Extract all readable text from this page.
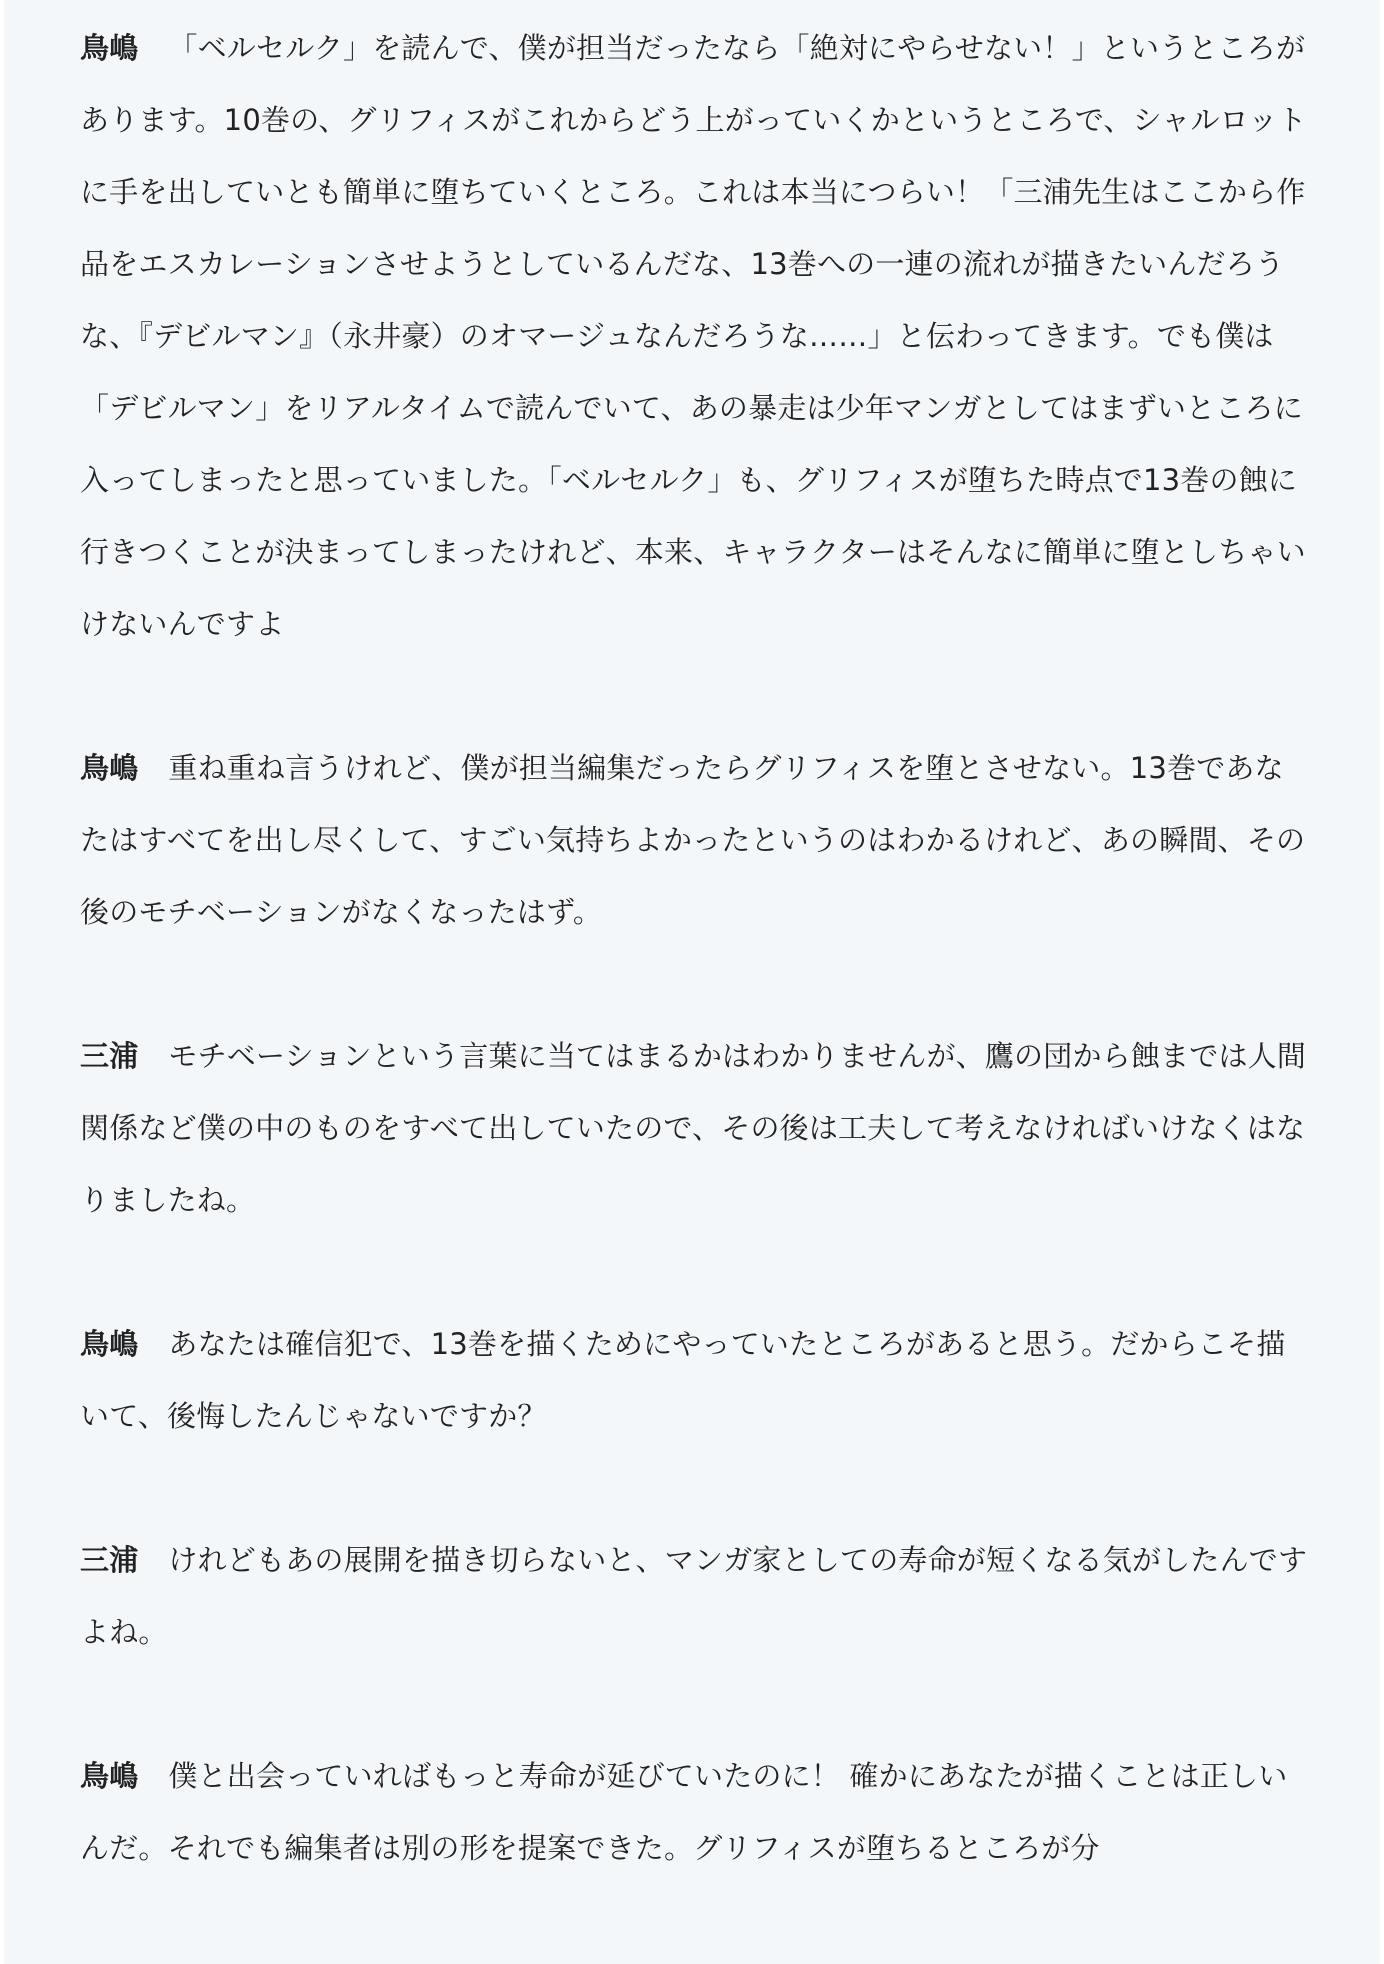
鳥嶋 「ベルセルク」を読んで、僕が担当だったなら「絶対にやらせない！」というところがあります。10巻の、グリフィスがこれからどう上がっていくかというところで、シャルロットに手を出していとも簡単に堕ちていくところ。これは本当につらい！「三浦先生はここから作品をエスカレーションさせようとしているんだな、13巻への一連の流れが描きたいんだろうな、『デビルマン』（永井豪）のオマージュなんだろうな……」と伝わってきます。でも僕は「デビルマン」をリアルタイムで読んでいて、あの暴走は少年マンガとしてはまずいところに入ってしまったと思っていました。「ベルセルク」も、グリフィスが堕ちた時点で13巻の蝕に行きつくことが決まってしまったけれど、本来、キャラクターはそんなに簡単に堕としちゃいけないんですよ

鳥嶋 重ね重ね言うけれど、僕が担当編集だったらグリフィスを堕とさせない。13巻であなたはすべてを出し尽くして、すごい気持ちよかったというのはわかるけれど、あの瞬間、その後のモチベーションがなくなったはず。

三浦 モチベーションという言葉に当てはまるかはわかりませんが、鷹の団から蝕までは人間関係など僕の中のものをすべて出していたので、その後は工夫して考えなければいけなくはなりましたね。

鳥嶋 あなたは確信犯で、13巻を描くためにやっていたところがあると思う。だからこそ描いて、後悔したんじゃないですか？

三浦 けれどもあの展開を描き切らないと、マンガ家としての寿命が短くなる気がしたんですよね。

鳥嶋 僕と出会っていればもっと寿命が延びていたのに！ 確かにあなたが描くことは正しいんだ。それでも編集者は別の形を提案できた。グリフィスが堕ちるところが分
